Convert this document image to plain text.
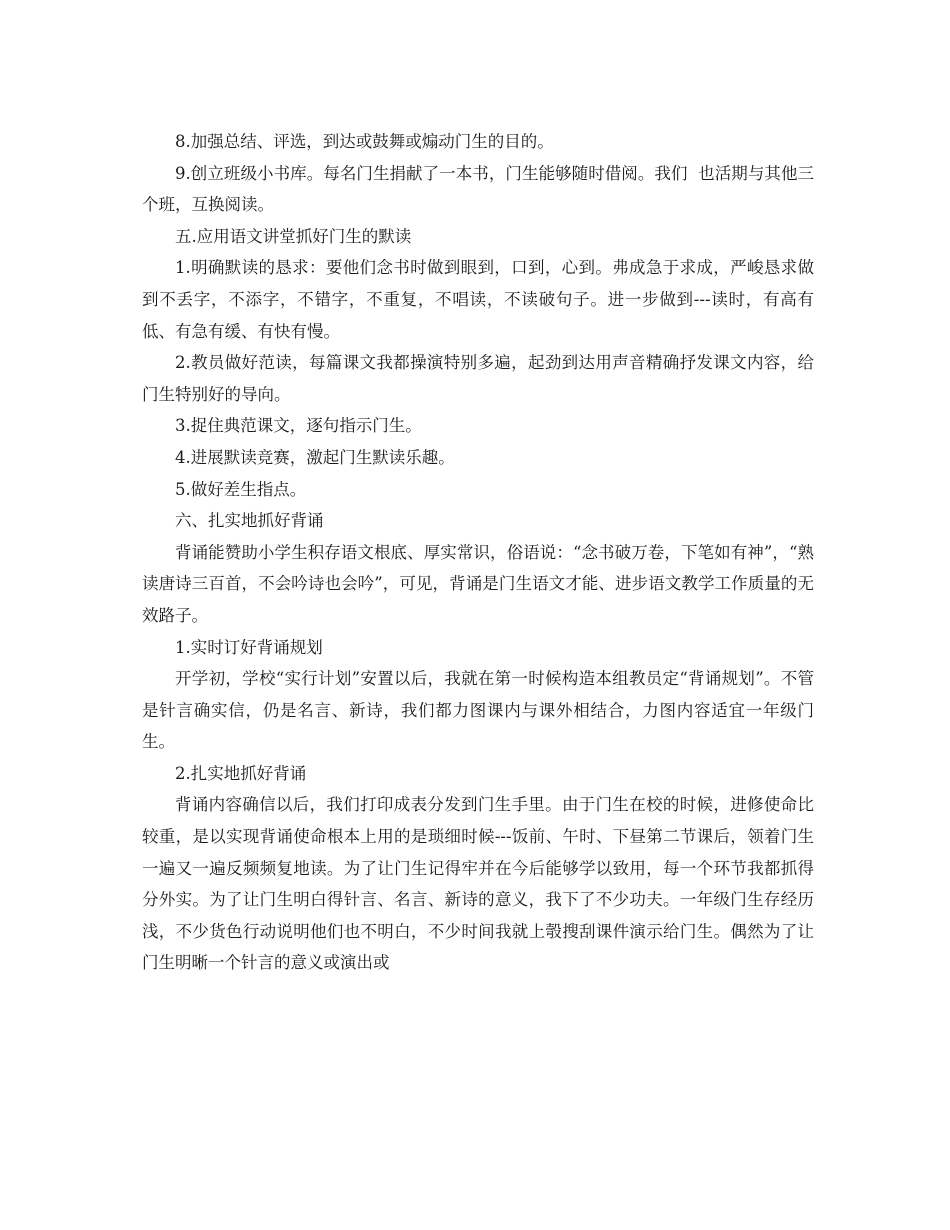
8.加强总结、评选，到达或鼓舞或煽动门生的目的。

9.创立班级小书库。每名门生捐献了一本书，门生能够随时借阅。我们  也活期与其他三个班，互换阅读。

五.应用语文讲堂抓好门生的默读

1.明确默读的恳求：要他们念书时做到眼到，口到，心到。弗成急于求成，严峻恳求做到不丢字，不添字，不错字，不重复，不唱读，不读破句子。进一步做到---读时，有高有低、有急有缓、有快有慢。

2.教员做好范读，每篇课文我都操演特别多遍，起劲到达用声音精确抒发课文内容，给门生特别好的导向。

3.捉住典范课文，逐句指示门生。

4.进展默读竞赛，激起门生默读乐趣。

5.做好差生指点。

六、扎实地抓好背诵

背诵能赞助小学生积存语文根底、厚实常识，俗语说：“念书破万卷，下笔如有神”，“熟读唐诗三百首，不会吟诗也会吟”，可见，背诵是门生语文才能、进步语文教学工作质量的无效路子。

1.实时订好背诵规划

开学初，学校“实行计划”安置以后，我就在第一时候构造本组教员定“背诵规划”。不管是针言确实信，仍是名言、新诗，我们都力图课内与课外相结合，力图内容适宜一年级门生。

2.扎实地抓好背诵

背诵内容确信以后，我们打印成表分发到门生手里。由于门生在校的时候，进修使命比较重，是以实现背诵使命根本上用的是琐细时候---饭前、午时、下昼第二节课后，领着门生一遍又一遍反频频复地读。为了让门生记得牢并在今后能够学以致用，每一个环节我都抓得分外实。为了让门生明白得针言、名言、新诗的意义，我下了不少功夫。一年级门生存经历浅，不少货色行动说明他们也不明白，不少时间我就上彀搜刮课件演示给门生。偶然为了让门生明晰一个针言的意义或演出或
